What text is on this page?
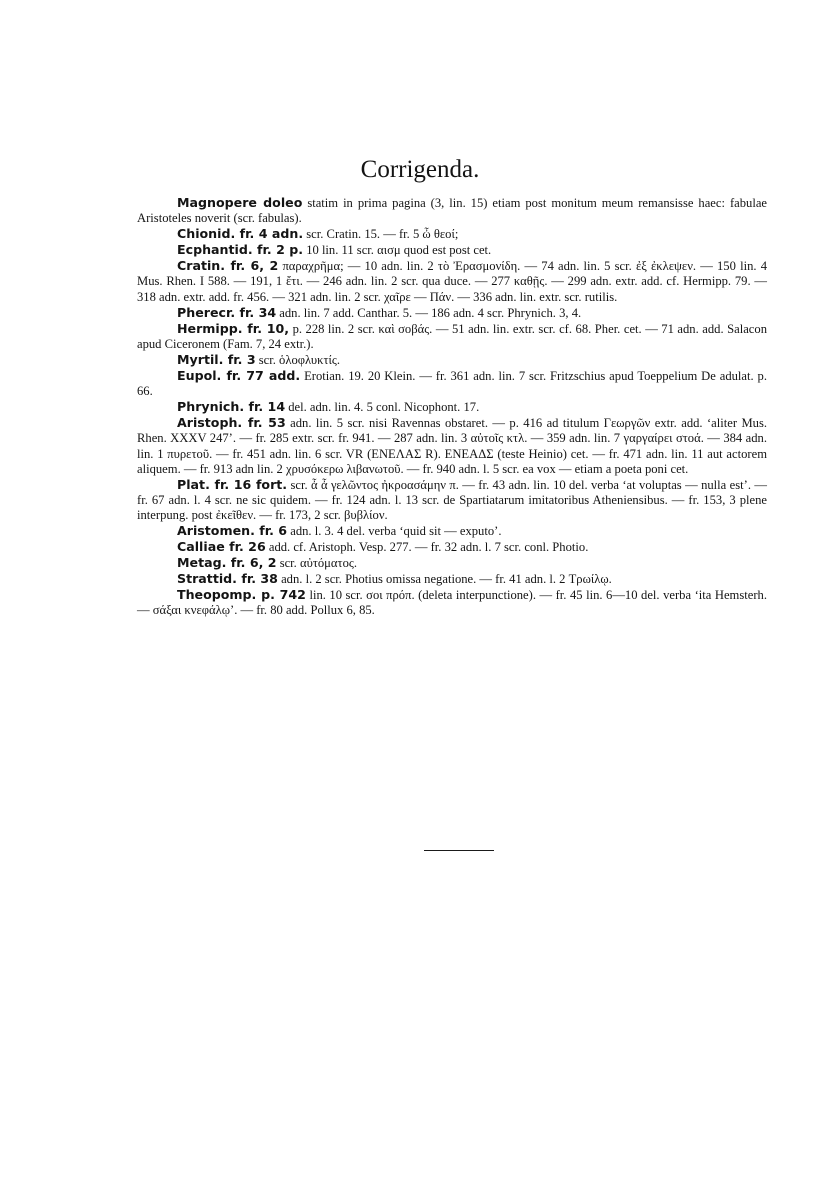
Corrigenda.

Magnopere doleo statim in prima pagina (3, lin. 15) etiam post monitum meum remansisse haec: fabulae Aristoteles noverit (scr. fabulas).

Chionid. fr. 4 adn. scr. Cratin. 15. — fr. 5 ὦ θεοί;

Ecphantid. fr. 2 p. 10 lin. 11 scr. αισμ quod est post cet.

Cratin. fr. 6, 2 παραχρῆμα; — 10 adn. lin. 2 τὸ Ἐρασμονίδη. — 74 adn. lin. 5 scr. ἐξ ἐκλεψεν. — 150 lin. 4 Mus. Rhen. I 588. — 191, 1 ἔτι. — 246 adn. lin. 2 scr. qua duce. — 277 καθῇς. — 299 adn. extr. add. cf. Hermipp. 79. — 318 adn. extr. add. fr. 456. — 321 adn. lin. 2 scr. χαῖρε — Πάν. — 336 adn. lin. extr. scr. rutilis.

Pherecr. fr. 34 adn. lin. 7 add. Canthar. 5. — 186 adn. 4 scr. Phrynich. 3, 4.

Hermipp. fr. 10, p. 228 lin. 2 scr. καὶ σοβάς. — 51 adn. lin. extr. scr. cf. 68. Pher. cet. — 71 adn. add. Salacon apud Ciceronem (Fam. 7, 24 extr.).

Myrtil. fr. 3 scr. ὁλοφλυκτίς.

Eupol. fr. 77 add. Erotian. 19. 20 Klein. — fr. 361 adn. lin. 7 scr. Fritzschius apud Toeppelium De adulat. p. 66.

Phrynich. fr. 14 del. adn. lin. 4. 5 conl. Nicophont. 17.

Aristoph. fr. 53 adn. lin. 5 scr. nisi Ravennas obstaret. — p. 416 ad titulum Γεωργῶν extr. add. ‘aliter Mus. Rhen. XXXV 247’. — fr. 285 extr. scr. fr. 941. — 287 adn. lin. 3 αὐτοῖς κτλ. — 359 adn. lin. 7 γαργαίρει στοά. — 384 adn. lin. 1 πυρετοῦ. — fr. 451 adn. lin. 6 scr. VR (ΕΝΕΛΑΣ R). ΕΝΕΑΔΣ (teste Heinio) cet. — fr. 471 adn. lin. 11 aut actorem aliquem. — fr. 913 adn lin. 2 χρυσόκερω λιβανωτοῦ. — fr. 940 adn. l. 5 scr. ea vox — etiam a poeta poni cet.

Plat. fr. 16 fort. scr. ἆ ἆ γελῶντος ἠκροασάμην π. — fr. 43 adn. lin. 10 del. verba ‘at voluptas — nulla est’. — fr. 67 adn. l. 4 scr. ne sic quidem. — fr. 124 adn. l. 13 scr. de Spartiatarum imitatoribus Atheniensibus. — fr. 153, 3 plene interpung. post ἐκεῖθεν. — fr. 173, 2 scr. βυβλίον.

Aristomen. fr. 6 adn. l. 3. 4 del. verba ‘quid sit — exputo’.

Calliae fr. 26 add. cf. Aristoph. Vesp. 277. — fr. 32 adn. l. 7 scr. conl. Photio.

Metag. fr. 6, 2 scr. αὐτόματος.

Strattid. fr. 38 adn. l. 2 scr. Photius omissa negatione. — fr. 41 adn. l. 2 Τρωίλῳ.

Theopomp. p. 742 lin. 10 scr. σοι πρόπ. (deleta interpunctione). — fr. 45 lin. 6—10 del. verba ‘ita Hemsterh. — σάξαι κνεφάλῳ’. — fr. 80 add. Pollux 6, 85.
